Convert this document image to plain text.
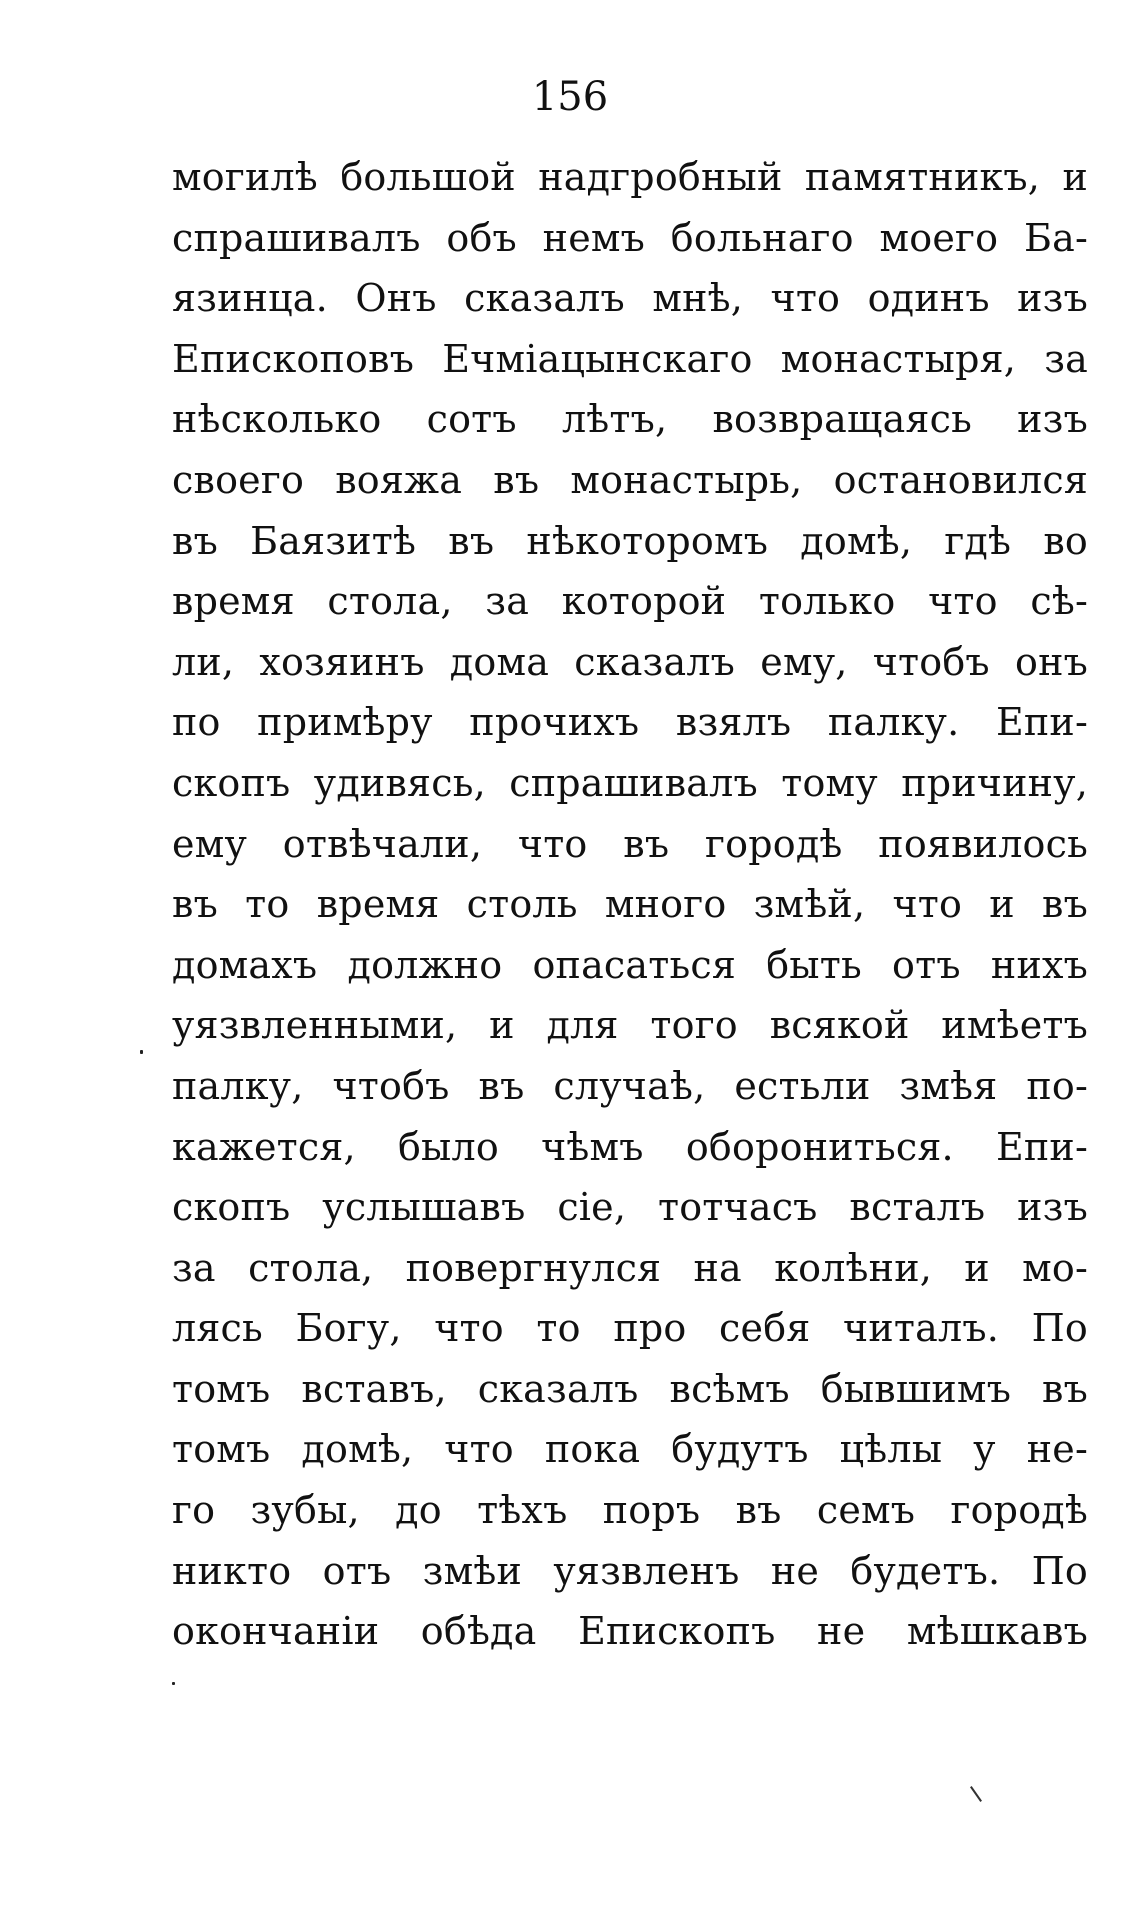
156
могилѣ большой надгробный памятникъ, и
спрашивалъ объ немъ больнаго моего Ба-
язинца. Онъ сказалъ мнѣ, что одинъ изъ
Епископовъ Ечміацынскаго монастыря, за
нѣсколько сотъ лѣтъ, возвращаясь изъ
своего вояжа въ монастырь, остановился
въ Баязитѣ въ нѣкоторомъ домѣ, гдѣ во
время стола, за которой только что сѣ-
ли, хозяинъ дома сказалъ ему, чтобъ онъ
по примѣру прочихъ взялъ палку. Епи-
скопъ удивясь, спрашивалъ тому причину,
ему отвѣчали, что въ городѣ появилось
въ то время столь много змѣй, что и въ
домахъ должно опасаться быть отъ нихъ
уязвленными, и для того всякой имѣетъ
палку, чтобъ въ случаѣ, естьли змѣя по-
кажется, было чѣмъ оборониться. Епи-
скопъ услышавъ сіе, тотчасъ всталъ изъ
за стола, повергнулся на колѣни, и мо-
лясь Богу, что то про себя читалъ. По
томъ вставъ, сказалъ всѣмъ бывшимъ въ
томъ домѣ, что пока будутъ цѣлы у не-
го зубы, до тѣхъ поръ въ семъ городѣ
никто отъ змѣи уязвленъ не будетъ. По
окончаніи обѣда Епископъ не мѣшкавъ
